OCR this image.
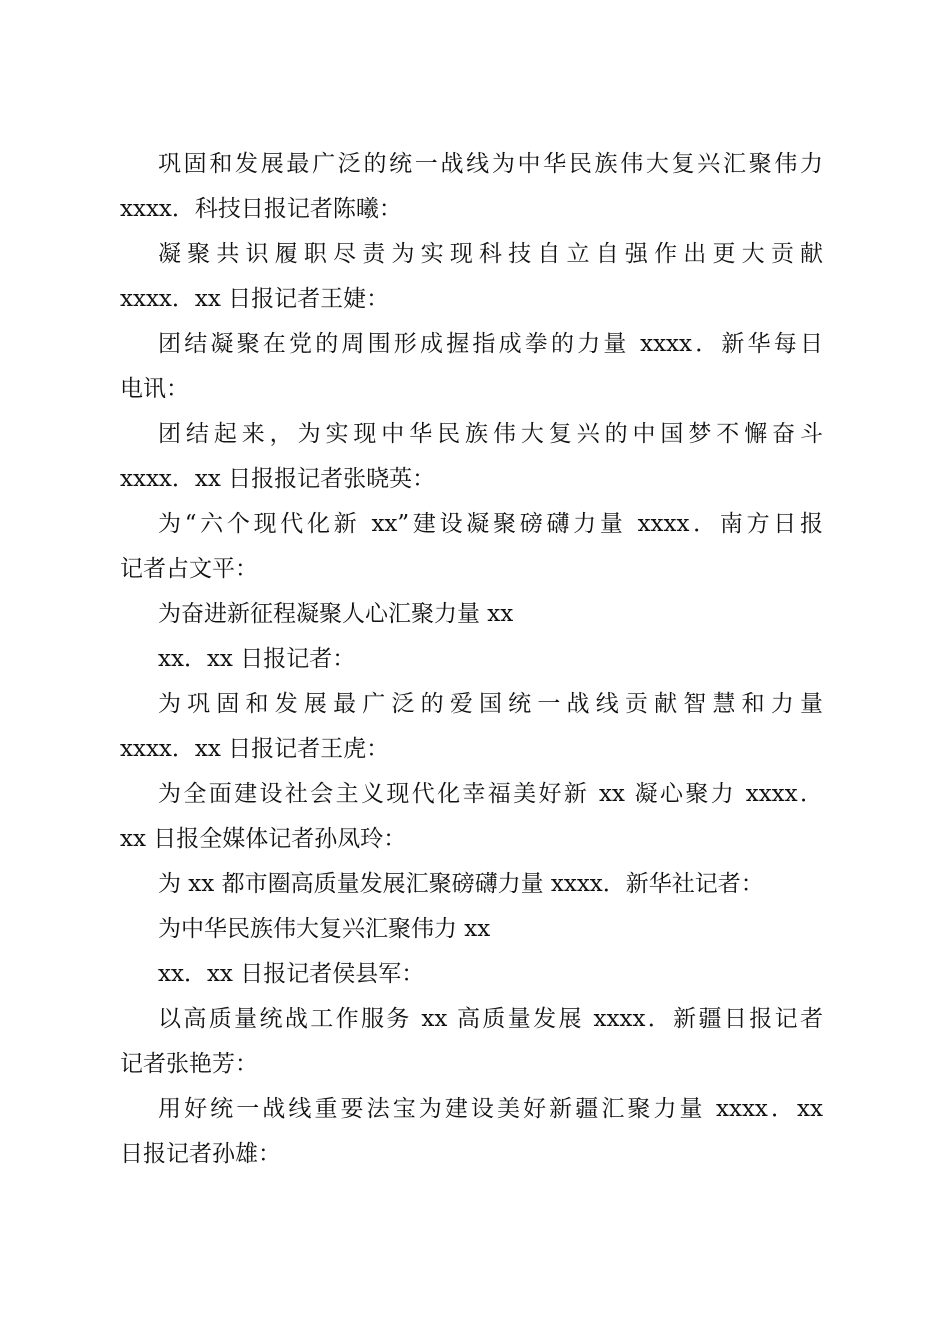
巩固和发展最广泛的统一战线为中华民族伟大复兴汇聚伟力
xxxx．科技日报记者陈曦：
凝聚共识履职尽责为实现科技自立自强作出更大贡献
xxxx．xx 日报记者王婕：
团结凝聚在党的周围形成握指成拳的力量 xxxx．新华每日
电讯：
团结起来，为实现中华民族伟大复兴的中国梦不懈奋斗
xxxx．xx 日报报记者张晓英：
为“六个现代化新 xx”建设凝聚磅礴力量 xxxx．南方日报
记者占文平：
为奋进新征程凝聚人心汇聚力量 xx
xx．xx 日报记者：
为巩固和发展最广泛的爱国统一战线贡献智慧和力量
xxxx．xx 日报记者王虎：
为全面建设社会主义现代化幸福美好新 xx 凝心聚力 xxxx．
xx 日报全媒体记者孙凤玲：
为 xx 都市圈高质量发展汇聚磅礴力量 xxxx．新华社记者：
为中华民族伟大复兴汇聚伟力 xx
xx．xx 日报记者侯县军：
以高质量统战工作服务 xx 高质量发展 xxxx．新疆日报记者
记者张艳芳：
用好统一战线重要法宝为建设美好新疆汇聚力量 xxxx．xx
日报记者孙雄：
